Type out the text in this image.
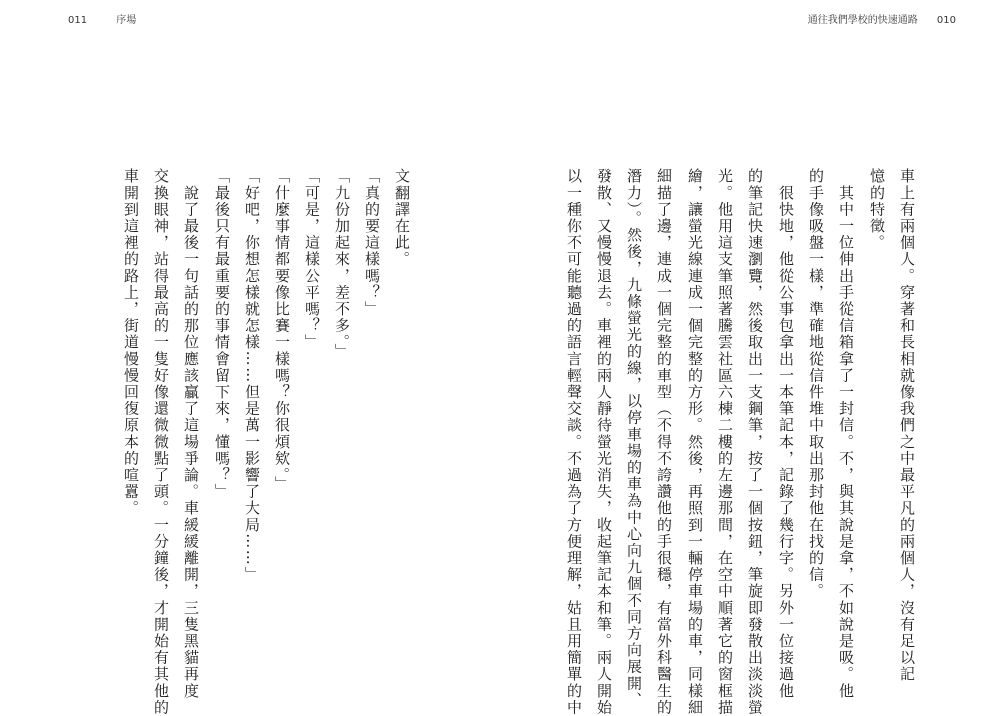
011	序場	通往我們學校的快速通路 010
車上有兩個人。穿著和長相就像我們之中最平凡的兩個人，沒有足以記
憶的特徵。
　其中一位伸出手從信箱拿了一封信。不，與其說是拿，不如說是吸。他
的手像吸盤一樣，準確地從信件堆中取出那封他在找的信。
　很快地，他從公事包拿出一本筆記本，記錄了幾行字。另外一位接過他
的筆記快速瀏覽，然後取出一支鋼筆，按了一個按鈕，筆旋即發散出淡淡螢
光。他用這支筆照著騰雲社區六棟二樓的左邊那間，在空中順著它的窗框描
繪，讓螢光線連成一個完整的方形。然後，再照到一輛停車場的車，同樣細
細描了邊，連成一個完整的車型（不得不誇讚他的手很穩，有當外科醫生的
潛力）。然後，九條螢光的線，以停車場的車為中心向九個不同方向展開、
發散、又慢慢退去。車裡的兩人靜待螢光消失，收起筆記本和筆。兩人開始
以一種你不可能聽過的語言輕聲交談。不過為了方便理解，姑且用簡單的中
文翻譯在此。
「真的要這樣嗎？」
「九份加起來，差不多。」
「可是，這樣公平嗎？」
「什麼事情都要像比賽一樣嗎？你很煩欸。」
「好吧，你想怎樣就怎樣……但是萬一影響了大局……」
「最後只有最重要的事情會留下來，懂嗎？」
　說了最後一句話的那位應該贏了這場爭論。車緩緩離開，三隻黑貓再度
交換眼神，站得最高的一隻好像還微微點了頭。一分鐘後，才開始有其他的
車開到這裡的路上，街道慢慢回復原本的喧囂。
